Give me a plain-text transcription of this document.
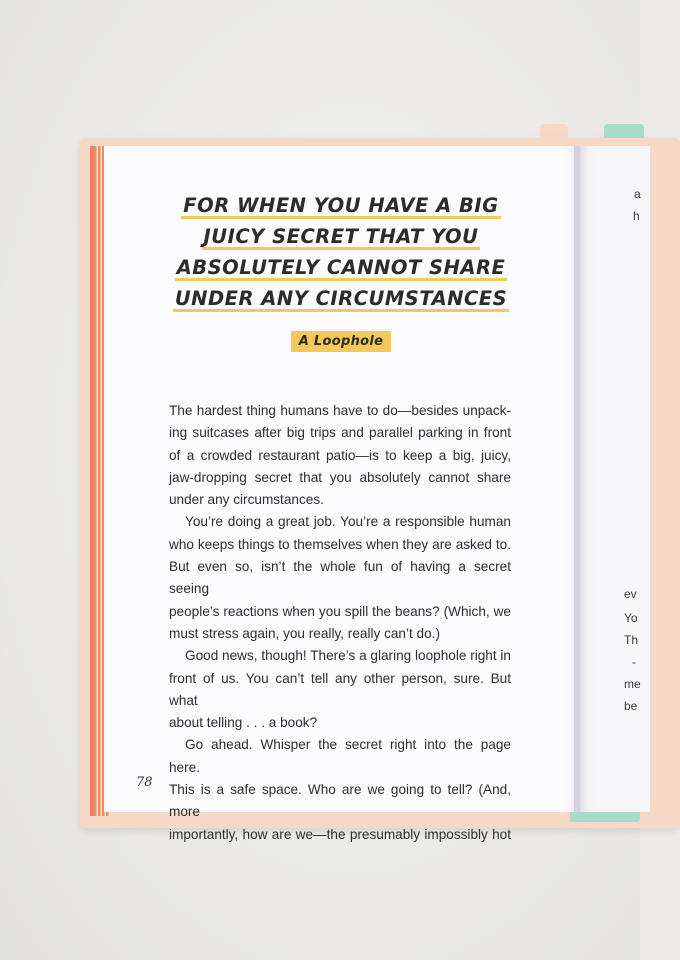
a
h
ev
Yo
Th
-
me
be
FOR WHEN YOU HAVE A BIG
JUICY SECRET THAT YOU
ABSOLUTELY CANNOT SHARE
UNDER ANY CIRCUMSTANCES
A Loophole

The hardest thing humans have to do—besides unpack-

ing suitcases after big trips and parallel parking in front

of a crowded restaurant patio—is to keep a big, juicy,

jaw-dropping secret that you absolutely cannot share

under any circumstances.

You’re doing a great job. You’re a responsible human

who keeps things to themselves when they are asked to.

But even so, isn’t the whole fun of having a secret seeing

people’s reactions when you spill the beans? (Which, we

must stress again, you really, really can’t do.)

Good news, though! There’s a glaring loophole right in

front of us. You can’t tell any other person, sure. But what

about telling . . . a book?

Go ahead. Whisper the secret right into the page here.

This is a safe space. Who are we going to tell? (And, more

importantly, how are we—the presumably impossibly hot

78
